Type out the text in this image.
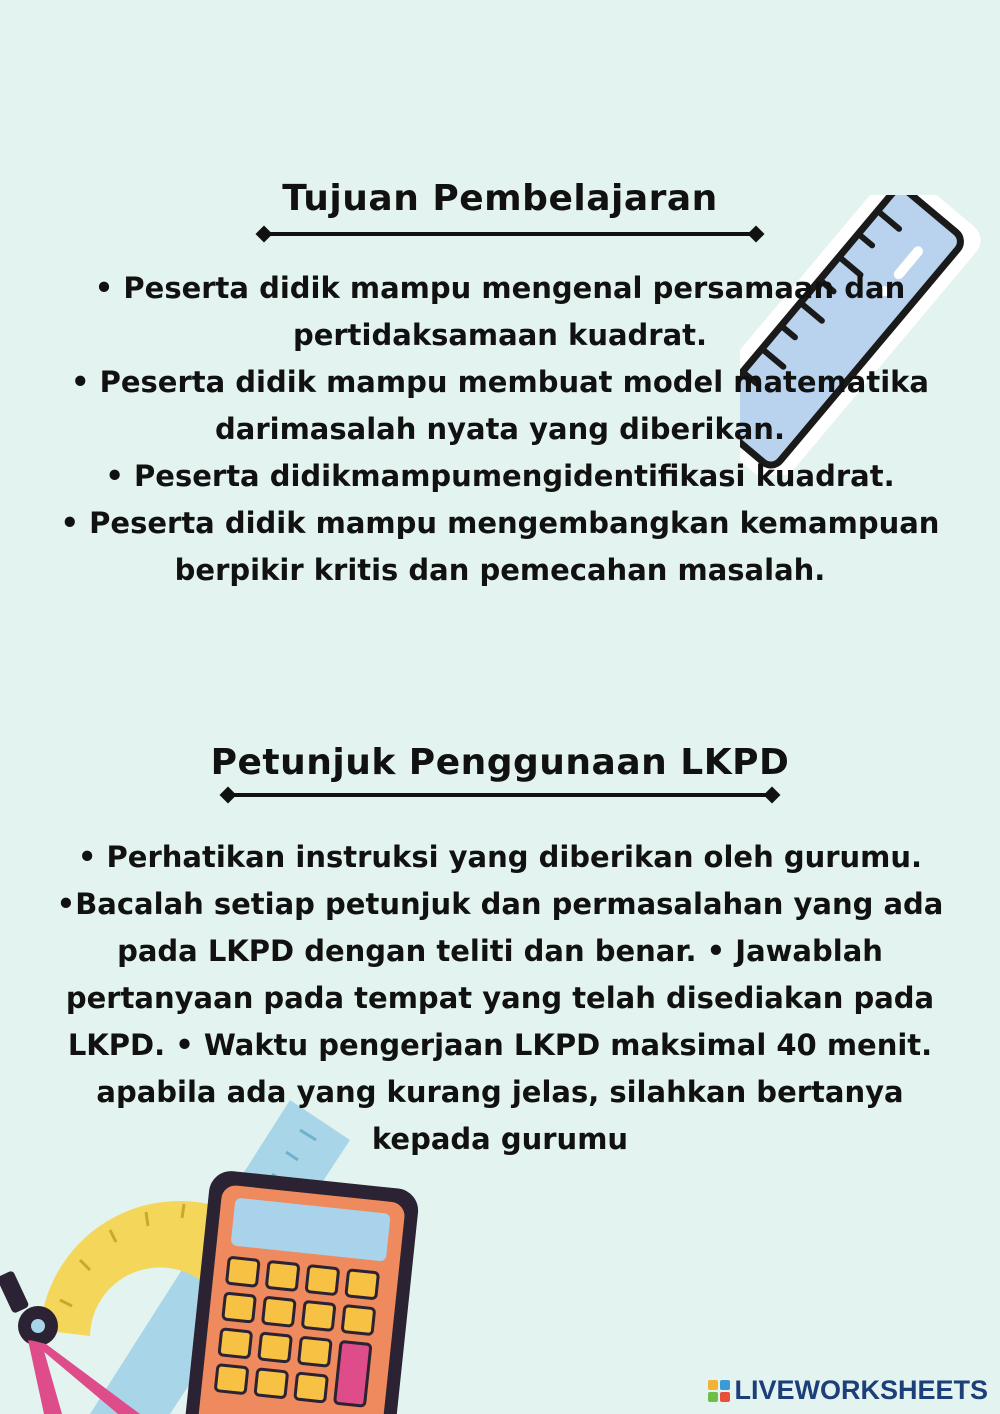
Tujuan Pembelajaran

• Peserta didik mampu mengenal persamaan dan

pertidaksamaan kuadrat.

• Peserta didik mampu membuat model matematika

darimasalah nyata yang diberikan.

• Peserta didikmampumengidentifikasi kuadrat.

• Peserta didik mampu mengembangkan kemampuan

berpikir kritis dan pemecahan masalah.

Petunjuk Penggunaan LKPD

• Perhatikan instruksi yang diberikan oleh gurumu.

•Bacalah setiap petunjuk dan permasalahan yang ada

pada LKPD dengan teliti dan benar. • Jawablah

pertanyaan pada tempat yang telah disediakan pada

LKPD. • Waktu pengerjaan LKPD maksimal 40 menit.

apabila ada yang kurang jelas, silahkan bertanya

kepada gurumu

LIVEWORKSHEETS
